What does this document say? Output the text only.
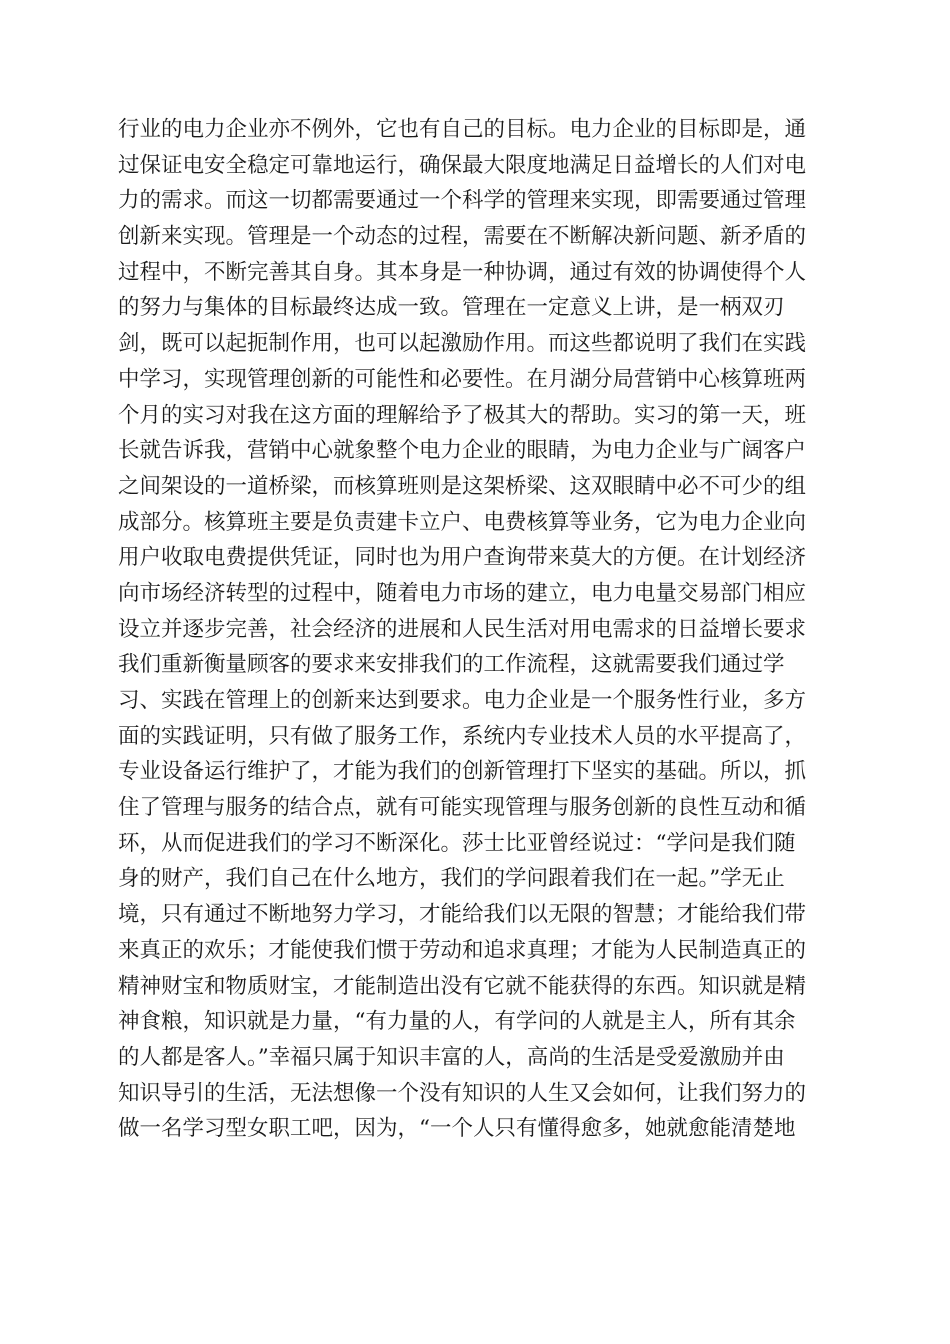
行业的电力企业亦不例外，它也有自己的目标。电力企业的目标即是，通
过保证电安全稳定可靠地运行，确保最大限度地满足日益增长的人们对电
力的需求。而这一切都需要通过一个科学的管理来实现，即需要通过管理
创新来实现。管理是一个动态的过程，需要在不断解决新问题、新矛盾的
过程中，不断完善其自身。其本身是一种协调，通过有效的协调使得个人
的努力与集体的目标最终达成一致。管理在一定意义上讲，是一柄双刃
剑，既可以起扼制作用，也可以起激励作用。而这些都说明了我们在实践
中学习，实现管理创新的可能性和必要性。在月湖分局营销中心核算班两
个月的实习对我在这方面的理解给予了极其大的帮助。实习的第一天，班
长就告诉我，营销中心就象整个电力企业的眼睛，为电力企业与广阔客户
之间架设的一道桥梁，而核算班则是这架桥梁、这双眼睛中必不可少的组
成部分。核算班主要是负责建卡立户、电费核算等业务，它为电力企业向
用户收取电费提供凭证，同时也为用户查询带来莫大的方便。在计划经济
向市场经济转型的过程中，随着电力市场的建立，电力电量交易部门相应
设立并逐步完善，社会经济的进展和人民生活对用电需求的日益增长要求
我们重新衡量顾客的要求来安排我们的工作流程，这就需要我们通过学
习、实践在管理上的创新来达到要求。电力企业是一个服务性行业，多方
面的实践证明，只有做了服务工作，系统内专业技术人员的水平提高了，
专业设备运行维护了，才能为我们的创新管理打下坚实的基础。所以，抓
住了管理与服务的结合点，就有可能实现管理与服务创新的良性互动和循
环，从而促进我们的学习不断深化。莎士比亚曾经说过：“学问是我们随
身的财产，我们自己在什么地方，我们的学问跟着我们在一起。”学无止
境，只有通过不断地努力学习，才能给我们以无限的智慧；才能给我们带
来真正的欢乐；才能使我们惯于劳动和追求真理；才能为人民制造真正的
精神财宝和物质财宝，才能制造出没有它就不能获得的东西。知识就是精
神食粮，知识就是力量，“有力量的人，有学问的人就是主人，所有其余
的人都是客人。”幸福只属于知识丰富的人，高尚的生活是受爱激励并由
知识导引的生活，无法想像一个没有知识的人生又会如何，让我们努力的
做一名学习型女职工吧，因为，“一个人只有懂得愈多，她就愈能清楚地
